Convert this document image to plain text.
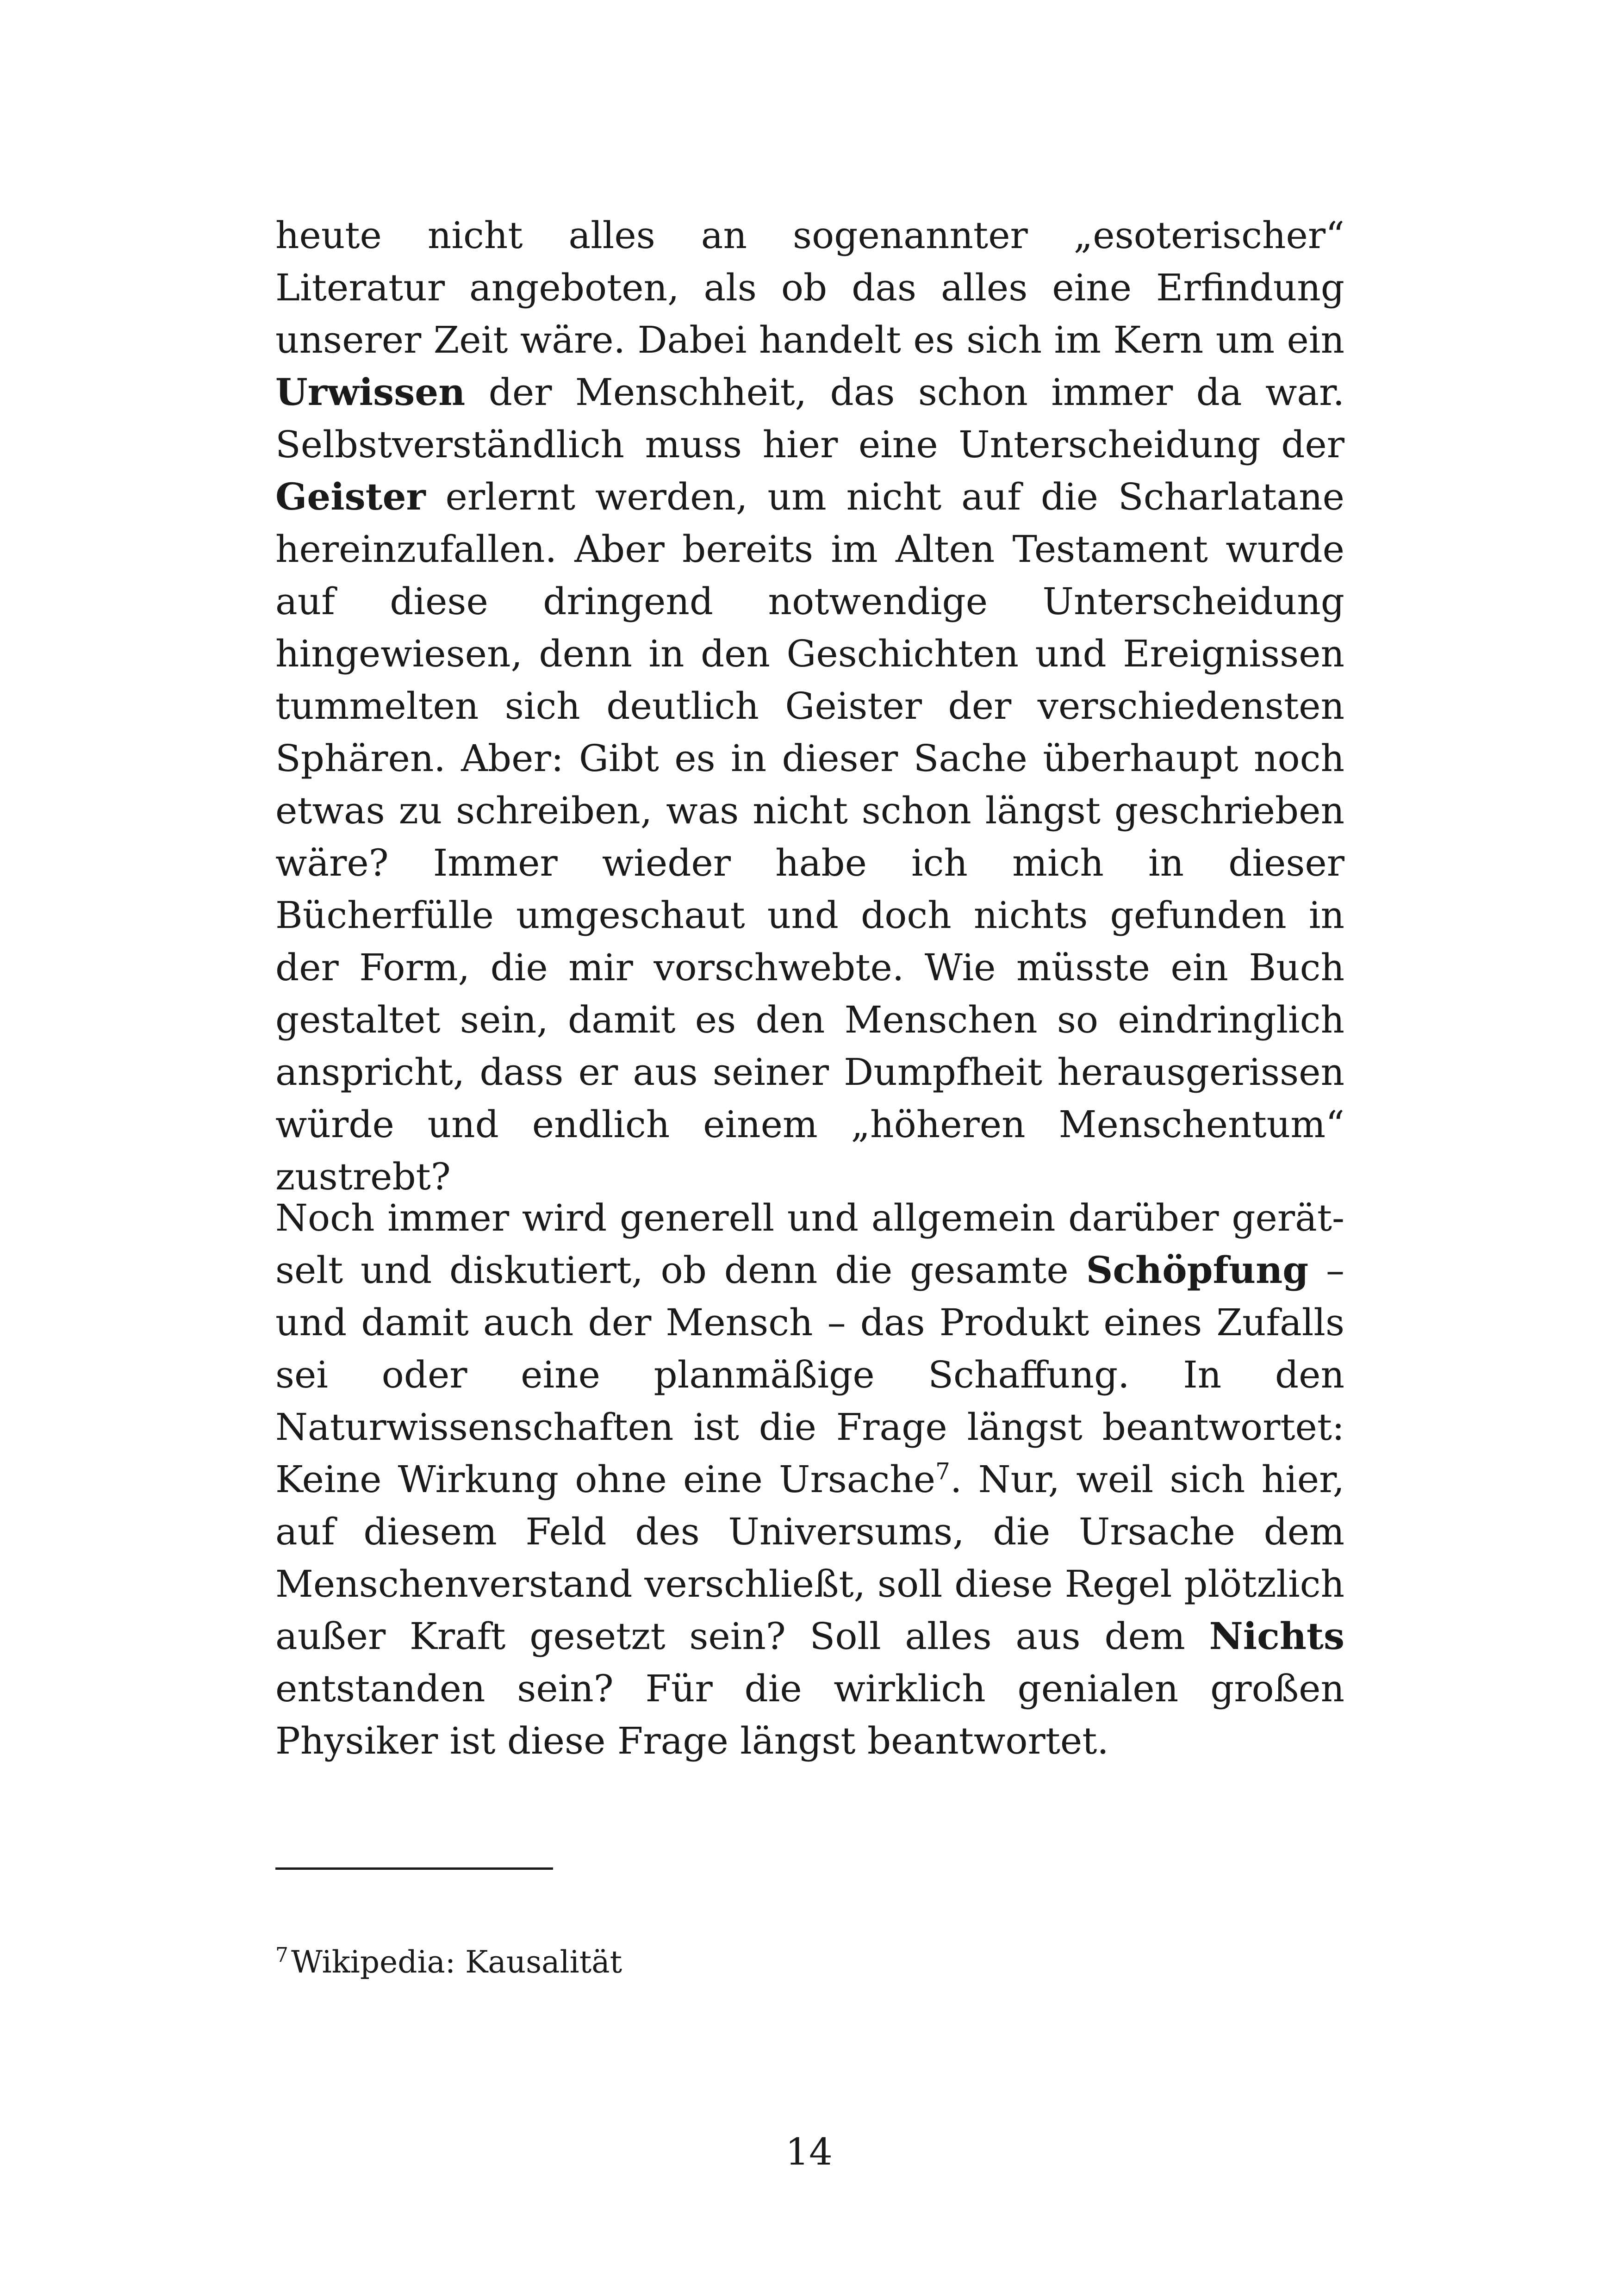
heute nicht alles an sogenannter „esoterischer“ Literatur angeboten, als ob das alles eine Erfindung unserer Zeit wäre. Dabei handelt es sich im Kern um ein Urwissen der Menschheit, das schon immer da war. Selbstverständlich muss hier eine Unterscheidung der Geister erlernt werden, um nicht auf die Scharlatane hereinzufallen. Aber bereits im Alten Testament wurde auf diese dringend notwendige Unterscheidung hingewiesen, denn in den Geschichten und Ereignissen tummelten sich deutlich Geister der verschiedensten Sphären. Aber: Gibt es in dieser Sache überhaupt noch etwas zu schreiben, was nicht schon längst geschrieben wäre? Immer wieder habe ich mich in dieser Bücherfülle umgeschaut und doch nichts gefunden in der Form, die mir vorschwebte. Wie müsste ein Buch gestaltet sein, damit es den Menschen so eindringlich anspricht, dass er aus seiner Dumpfheit herausgerissen würde und endlich einem „höheren Menschentum“ zustrebt?

Noch immer wird generell und allgemein darüber gerätselt und diskutiert, ob denn die gesamte Schöpfung – und damit auch der Mensch – das Produkt eines Zufalls sei oder eine planmäßige Schaffung. In den Naturwissenschaften ist die Frage längst beantwortet: Keine Wirkung ohne eine Ursache$^7$. Nur, weil sich hier, auf diesem Feld des Universums, die Ursache dem Menschenverstand verschließt, soll diese Regel plötzlich außer Kraft gesetzt sein? Soll alles aus dem Nichts entstanden sein? Für die wirklich genialen großen Physiker ist diese Frage längst beantwortet.

$^7$Wikipedia: Kausalität
14
